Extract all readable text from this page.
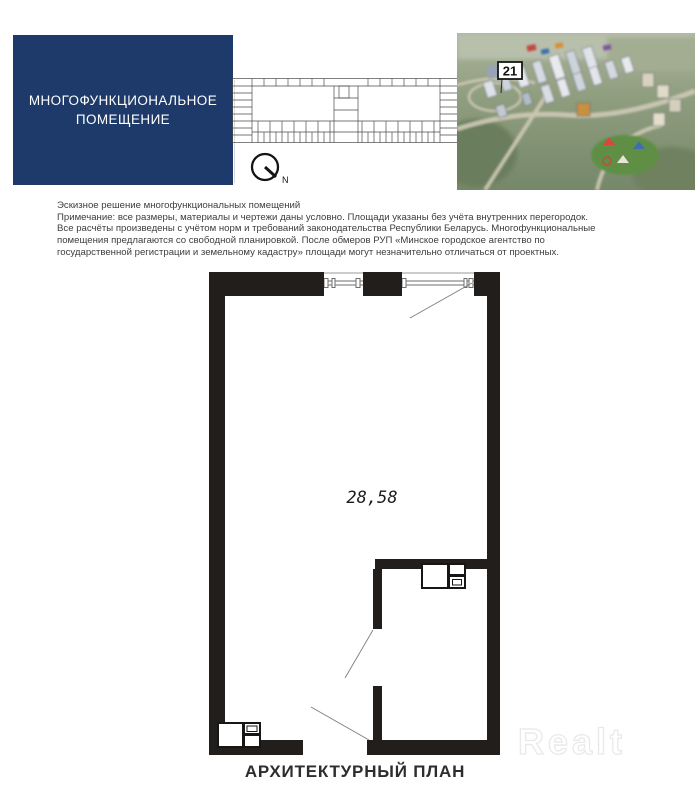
МНОГОФУНКЦИОНАЛЬНОЕ
ПОМЕЩЕНИЕ
N
21
Эскизное решение многофункциональных помещений
Примечание: все размеры, материалы и чертежи даны условно. Площади указаны без учёта внутренних перегородок.
Все расчёты произведены с учётом норм и требований законодательства Республики Беларусь. Многофункциональные
помещения предлагаются со свободной планировкой. После обмеров РУП «Минское городское агентство по
государственной регистрации и земельному кадастру» площади могут незначительно отличаться от проектных.
28,58
АРХИТЕКТУРНЫЙ ПЛАН
Realt
